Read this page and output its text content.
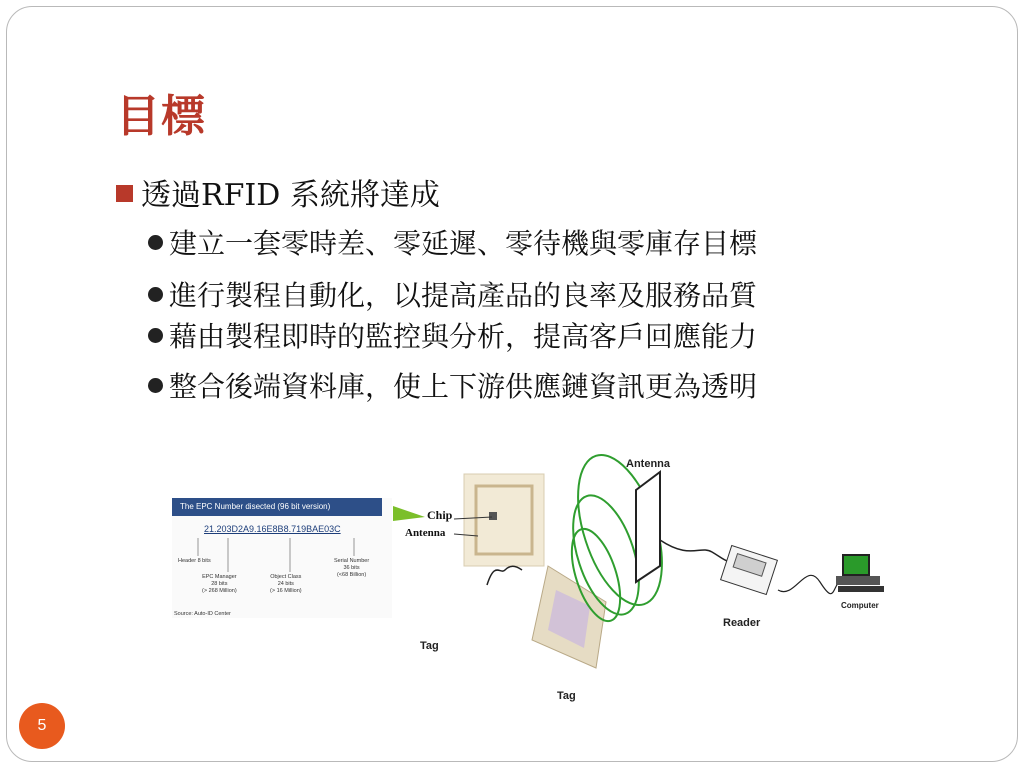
目標
透過RFID 系統將達成
建立一套零時差、零延遲、零待機與零庫存目標
進行製程自動化，以提高產品的良率及服務品質
藉由製程即時的監控與分析，提高客戶回應能力
整合後端資料庫，使上下游供應鏈資訊更為透明
The EPC Number disected (96 bit version)
21.203D2A9.16E8B8.719BAE03C
Header 8 bits
EPC Manager
28 bits
(> 268 Million)
Object Class
24 bits
(> 16 Million)
Serial Number
36 bits
(<68 Billion)
Source: Auto-ID Center
Chip
Antenna
Antenna
Reader
Computer
Tag
Tag
5
